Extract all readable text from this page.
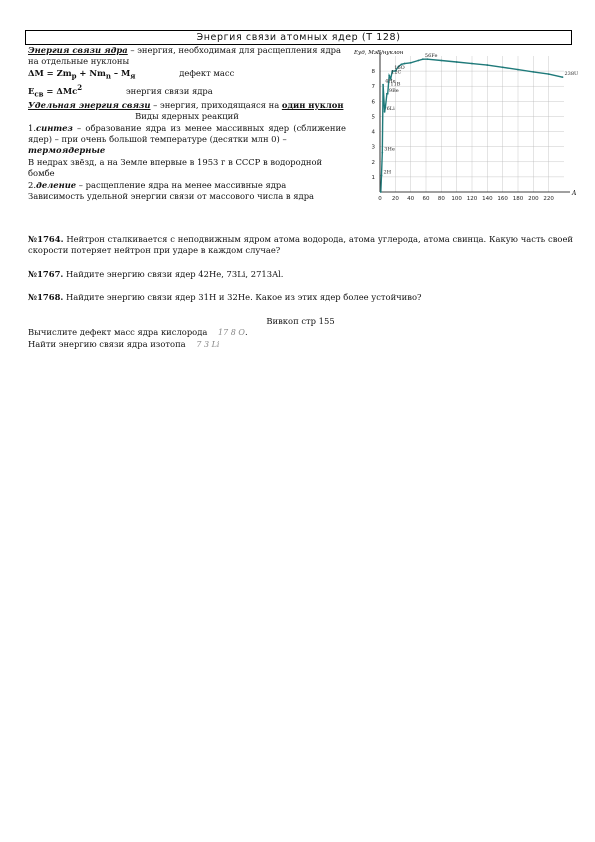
Энергия связи атомных ядер (Т 128)

Энергия связи ядра – энергия, необходимая для расщепления ядра на отдельные нуклоны

$\Delta M = Zm_p + Nm_n - M_я$	дефект масс

$E_{св} = \Delta Mc^2$	энергия связи ядра

Удельная энергия связи – энергия, приходящаяся на один нуклон

Виды ядерных реакций

1.синтез – образование ядра из менее массивных ядер (сближение ядер) – при очень большой температуре (десятки млн 0) –

термоядерные

В недрах звёзд, а на Земле впервые в 1953 г в СССР в водородной бомбе

2.деление – расщепление ядра на менее массивные ядра

Зависимость удельной энергии связи от массового числа в ядра	0 20 40 60 80 100 120 140 160 180 200 220
1
2
3
4
5
6
7
8
A
Eуд, МэВ/нуклон
4He
16O
12C
11B
9Be
6Li
3He
2H
56Fe
238U

№1764. Нейтрон сталкивается с неподвижным ядром атома водорода, атома углерода, атома свинца. Какую часть своей скорости потеряет нейтрон при ударе в каждом случае?

№1767. Найдите энергию связи ядер 42He, 73Li, 2713Al.

№1768. Найдите энергию связи ядер 31H и 32He. Какое из этих ядер более устойчиво?

Вивкоп стр 155

Вычислите дефект масс ядра кислорода 17 8 O.

Найти энергию связи ядра изотопа 7 3 Li
